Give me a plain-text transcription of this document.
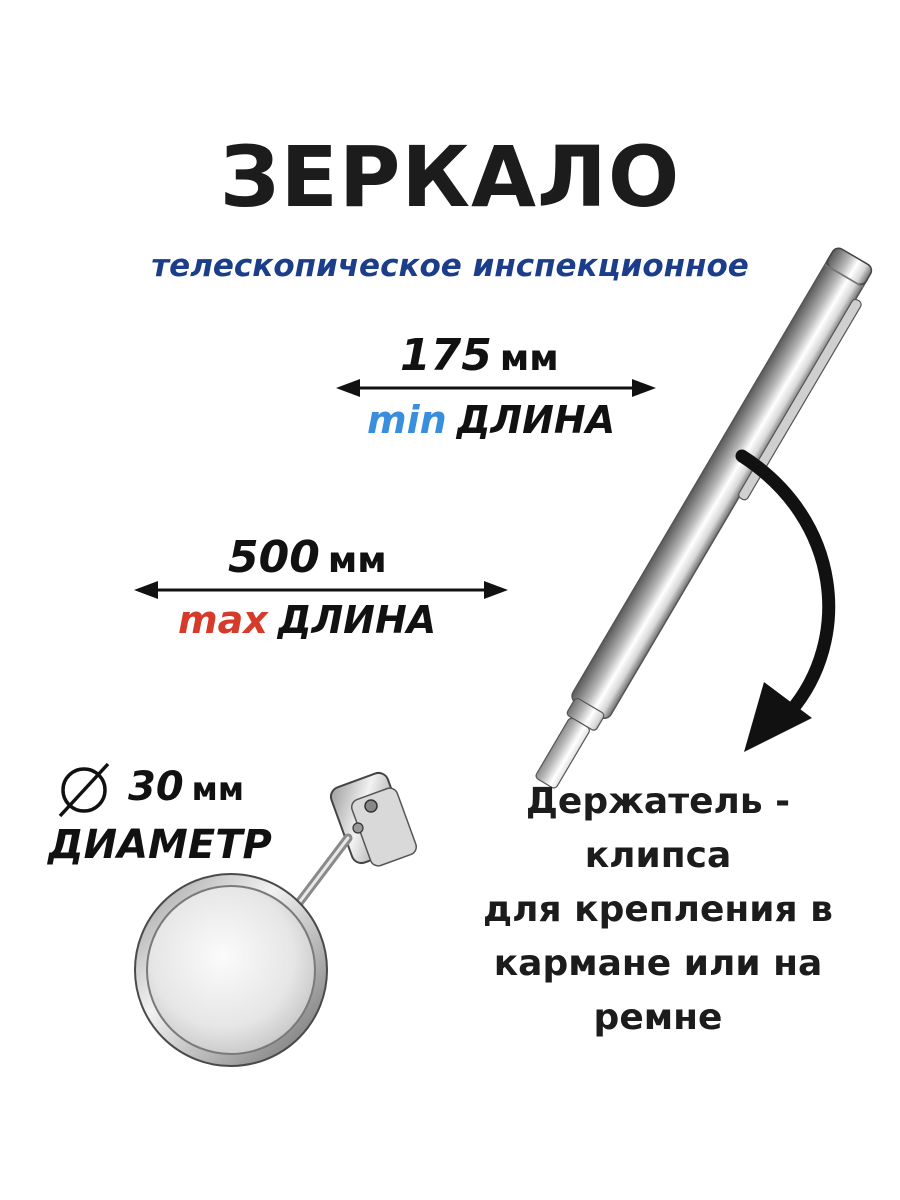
ЗЕРКАЛО
телескопическое инспекционное
175 мм
min ДЛИНА
500 мм
max ДЛИНА
30 мм
ДИАМЕТР
Держатель - клипса
для крепления в
кармане или на
ремне
